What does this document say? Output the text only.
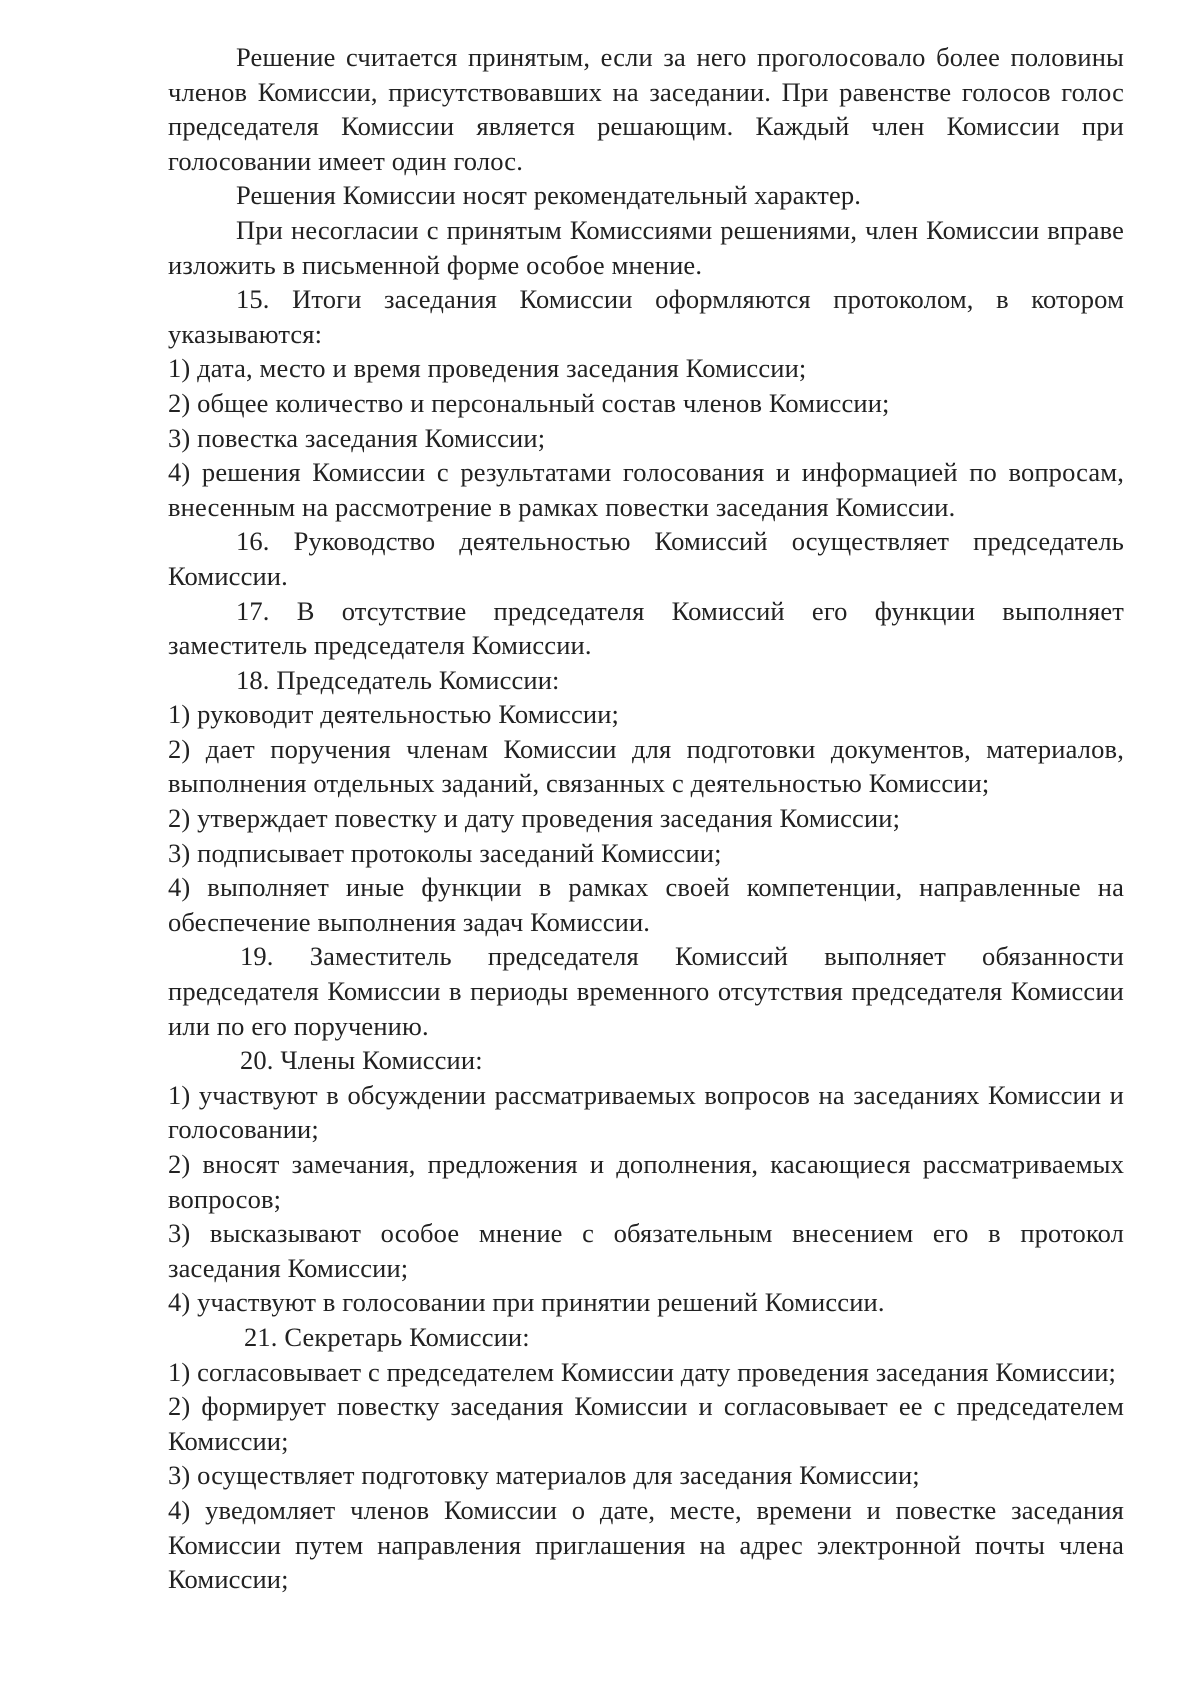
Решение считается принятым, если за него проголосовало более половины членов Комиссии, присутствовавших на заседании. При равенстве голосов голос председателя Комиссии является решающим. Каждый член Комиссии при голосовании имеет один голос.

Решения Комиссии носят рекомендательный характер.

При несогласии с принятым Комиссиями решениями, член Комиссии вправе изложить в письменной форме особое мнение.

15. Итоги заседания Комиссии оформляются протоколом, в котором указываются:

1) дата, место и время проведения заседания Комиссии;

2) общее количество и персональный состав членов Комиссии;

3) повестка заседания Комиссии;

4) решения Комиссии с результатами голосования и информацией по вопросам, внесенным на рассмотрение в рамках повестки заседания Комиссии.

16. Руководство деятельностью Комиссий осуществляет председатель Комиссии.

17. В отсутствие председателя Комиссий его функции выполняет заместитель председателя Комиссии.

18. Председатель Комиссии:

1) руководит деятельностью Комиссии;

2) дает поручения членам Комиссии для подготовки документов, материалов, выполнения отдельных заданий, связанных с деятельностью Комиссии;

2) утверждает повестку и дату проведения заседания Комиссии;

3) подписывает протоколы заседаний Комиссии;

4) выполняет иные функции в рамках своей компетенции, направленные на обеспечение выполнения задач Комиссии.

19. Заместитель председателя Комиссий выполняет обязанности председателя Комиссии в периоды временного отсутствия председателя Комиссии или по его поручению.

20. Члены Комиссии:

1) участвуют в обсуждении рассматриваемых вопросов на заседаниях Комиссии и голосовании;

2) вносят замечания, предложения и дополнения, касающиеся рассматриваемых вопросов;

3) высказывают особое мнение с обязательным внесением его в протокол заседания Комиссии;

4) участвуют в голосовании при принятии решений Комиссии.

21. Секретарь Комиссии:

1) согласовывает с председателем Комиссии дату проведения заседания Комиссии;

2) формирует повестку заседания Комиссии и согласовывает ее с председателем Комиссии;

3) осуществляет подготовку материалов для заседания Комиссии;

4) уведомляет членов Комиссии о дате, месте, времени и повестке заседания Комиссии путем направления приглашения на адрес электронной почты члена Комиссии;
